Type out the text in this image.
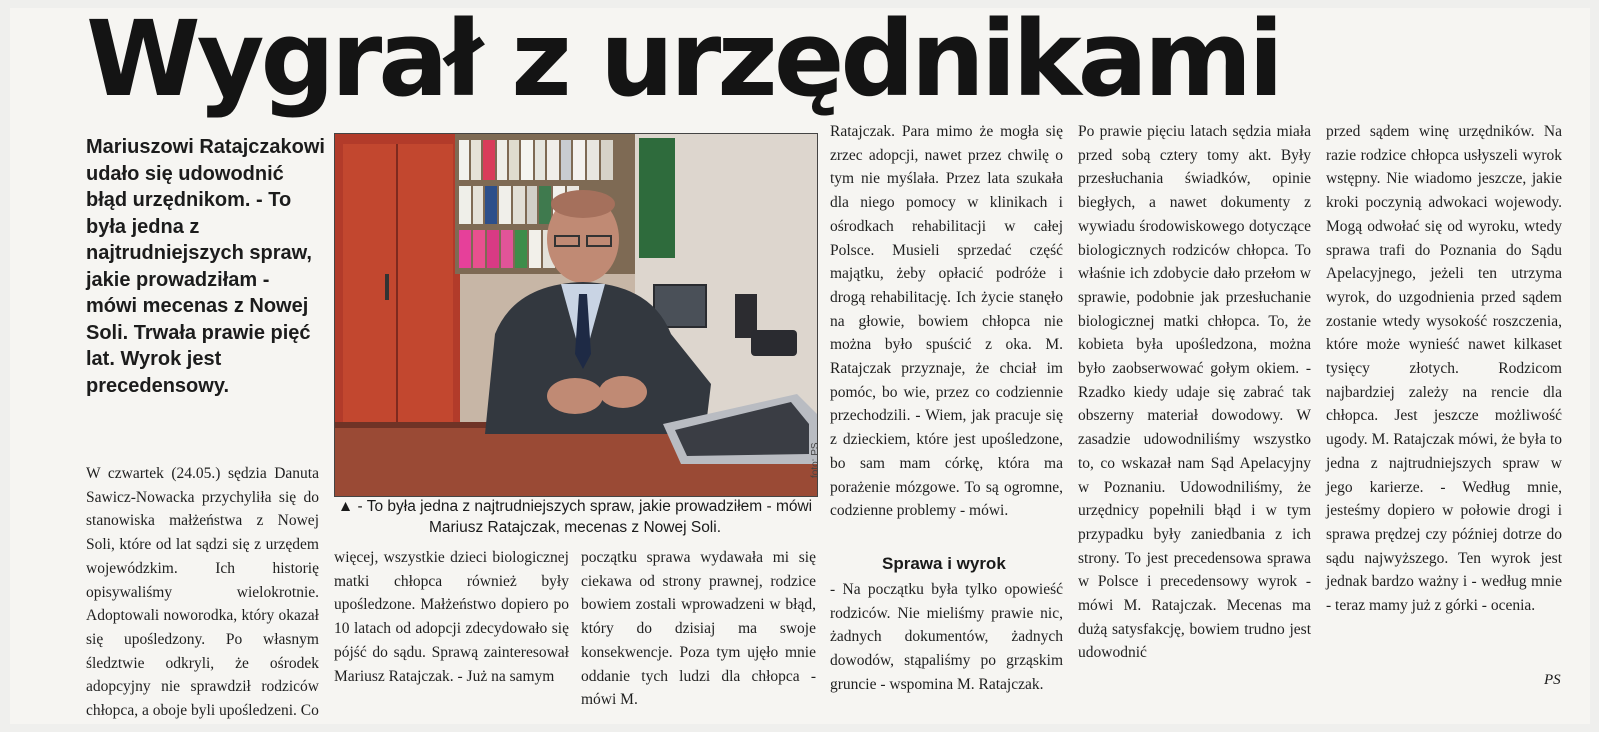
Wygrał z urzędnikami

Mariuszowi Ratajczakowi udało się udowodnić błąd urzędnikom. - To była jedna z najtrudniejszych spraw, jakie prowadziłam - mówi mecenas z Nowej Soli. Trwała prawie pięć lat. Wyrok jest precedensowy.

W czwartek (24.05.) sędzia Danuta Sawicz-Nowacka przychyliła się do stanowiska małżeństwa z Nowej Soli, które od lat sądzi się z urzędem wojewódzkim. Ich historię opisywaliśmy wielokrotnie. Adoptowali noworodka, który okazał się upośledzony. Po własnym śledztwie odkryli, że ośrodek adopcyjny nie sprawdził rodziców chłopca, a oboje byli upośledzeni. Co

foto: PS

▲ - To była jedna z najtrudniejszych spraw, jakie prowadziłem - mówi Mariusz Ratajczak, mecenas z Nowej Soli.

więcej, wszystkie dzieci biologicznej matki chłopca również były upośledzone. Małżeństwo dopiero po 10 latach od adopcji zdecydowało się pójść do sądu. Sprawą zainteresował Mariusz Ratajczak. - Już na samym

początku sprawa wydawała mi się ciekawa od strony prawnej, rodzice bowiem zostali wprowadzeni w błąd, który do dzisiaj ma swoje konsekwencje. Poza tym ujęło mnie oddanie tych ludzi dla chłopca - mówi M.

Ratajczak. Para mimo że mogła się zrzec adopcji, nawet przez chwilę o tym nie myślała. Przez lata szukała dla niego pomocy w klinikach i ośrodkach rehabilitacji w całej Polsce. Musieli sprzedać część majątku, żeby opłacić podróże i drogą rehabilitację. Ich życie stanęło na głowie, bowiem chłopca nie można było spuścić z oka. M. Ratajczak przyznaje, że chciał im pomóc, bo wie, przez co codziennie przechodzili. - Wiem, jak pracuje się z dzieckiem, które jest upośledzone, bo sam mam córkę, która ma porażenie mózgowe. To są ogromne, codzienne problemy - mówi.

Sprawa i wyrok

- Na początku była tylko opowieść rodziców. Nie mieliśmy prawie nic, żadnych dokumentów, żadnych dowodów, stąpaliśmy po grząskim gruncie - wspomina M. Ratajczak.

Po prawie pięciu latach sędzia miała przed sobą cztery tomy akt. Były przesłuchania świadków, opinie biegłych, a nawet dokumenty z wywiadu środowiskowego dotyczące biologicznych rodziców chłopca. To właśnie ich zdobycie dało przełom w sprawie, podobnie jak przesłuchanie biologicznej matki chłopca. To, że kobieta była upośledzona, można było zaobserwować gołym okiem. - Rzadko kiedy udaje się zabrać tak obszerny materiał dowodowy. W zasadzie udowodniliśmy wszystko to, co wskazał nam Sąd Apelacyjny w Poznaniu. Udowodniliśmy, że urzędnicy popełnili błąd i w tym przypadku były zaniedbania z ich strony. To jest precedensowa sprawa w Polsce i precedensowy wyrok - mówi M. Ratajczak. Mecenas ma dużą satysfakcję, bowiem trudno jest udowodnić

przed sądem winę urzędników. Na razie rodzice chłopca usłyszeli wyrok wstępny. Nie wiadomo jeszcze, jakie kroki poczynią adwokaci wojewody. Mogą odwołać się od wyroku, wtedy sprawa trafi do Poznania do Sądu Apelacyjnego, jeżeli ten utrzyma wyrok, do uzgodnienia przed sądem zostanie wtedy wysokość roszczenia, które może wynieść nawet kilkaset tysięcy złotych. Rodzicom najbardziej zależy na rencie dla chłopca. Jest jeszcze możliwość ugody. M. Ratajczak mówi, że była to jedna z najtrudniejszych spraw w jego karierze. - Według mnie, jesteśmy dopiero w połowie drogi i sprawa prędzej czy później dotrze do sądu najwyższego. Ten wyrok jest jednak bardzo ważny i - według mnie - teraz mamy już z górki - ocenia.

PS
